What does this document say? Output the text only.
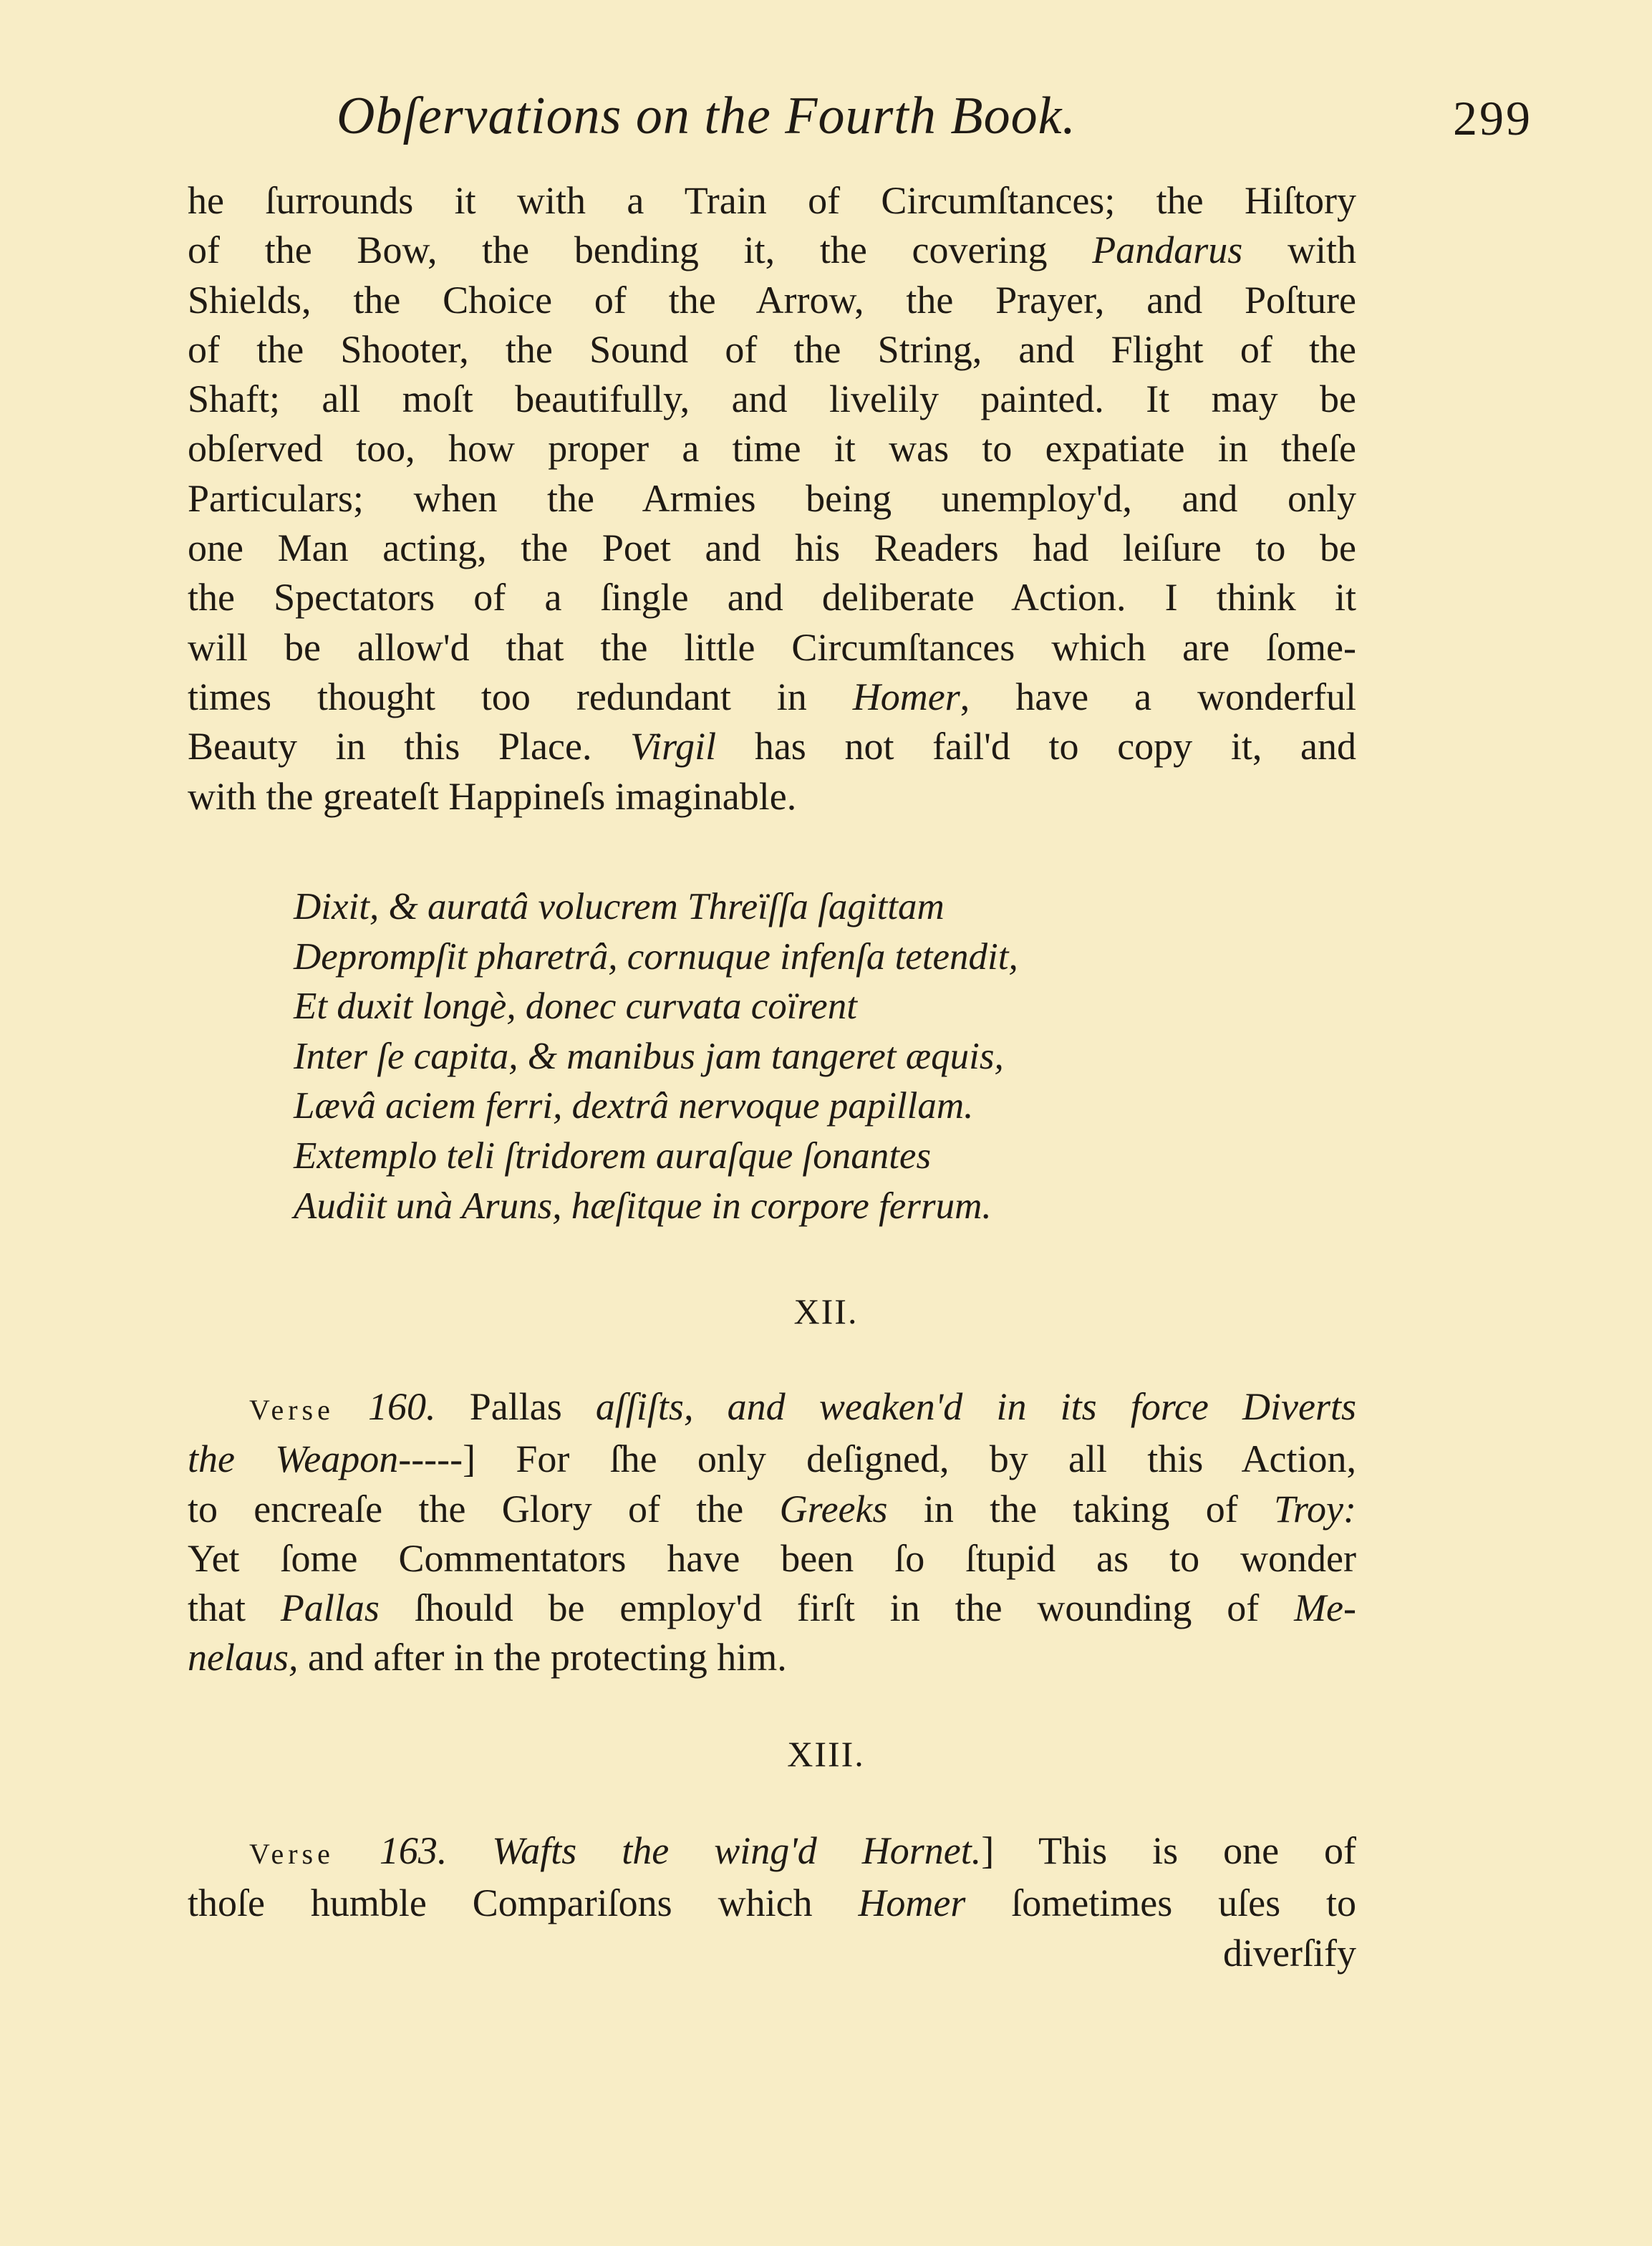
Obſervations on the Fourth Book.	299

he ſurrounds it with a Train of Circumſtances; the Hiſtory
of the Bow, the bending it, the covering Pandarus with
Shields, the Choice of the Arrow, the Prayer, and Poſture
of the Shooter, the Sound of the String, and Flight of the
Shaft; all moſt beautifully, and livelily painted. It may be
obſerved too, how proper a time it was to expatiate in theſe
Particulars; when the Armies being unemploy'd, and only
one Man acting, the Poet and his Readers had leiſure to be
the Spectators of a ſingle and deliberate Action. I think it
will be allow'd that the little Circumſtances which are ſome-
times thought too redundant in Homer, have a wonderful
Beauty in this Place. Virgil has not fail'd to copy it, and
with the greateſt Happineſs imaginable.

Dixit, & auratâ volucrem Threïſſa ſagittam
Deprompſit pharetrâ, cornuque infenſa tetendit,
Et duxit longè, donec curvata coïrent
Inter ſe capita, & manibus jam tangeret æquis,
Lævâ aciem ferri, dextrâ nervoque papillam.
Extemplo teli ſtridorem auraſque ſonantes
Audiit unà Aruns, hæſitque in corpore ferrum.
XII.

Verse 160. Pallas aſſiſts, and weaken'd in its force Diverts
the Weapon-----] For ſhe only deſigned, by all this Action,
to encreaſe the Glory of the Greeks in the taking of Troy:
Yet ſome Commentators have been ſo ſtupid as to wonder
that Pallas ſhould be employ'd firſt in the wounding of Me-
nelaus, and after in the protecting him.

XIII.

Verse 163. Wafts the wing'd Hornet.] This is one of
thoſe humble Compariſons which Homer ſometimes uſes to
diverſify
